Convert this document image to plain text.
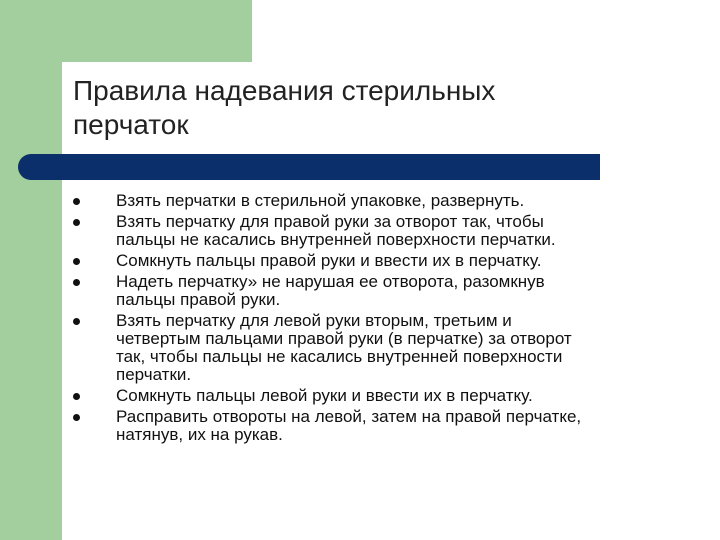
Правила надевания стерильных
перчаток
Взять перчатки в стерильной упаковке, развернуть.
Взять перчатку для правой руки за отворот так, чтобы
пальцы не касались внутренней поверхности перчатки.
Сомкнуть пальцы правой руки и ввести их в перчатку.
Надеть перчатку» не нарушая ее отворота, разомкнув
пальцы правой руки.
Взять перчатку для левой руки вторым, третьим и
четвертым пальцами правой руки (в перчатке) за отворот
так, чтобы пальцы не касались внутренней поверхности
перчатки.
Сомкнуть пальцы левой руки и ввести их в перчатку.
Расправить отвороты на левой, затем на правой перчатке,
натянув, их на рукав.
